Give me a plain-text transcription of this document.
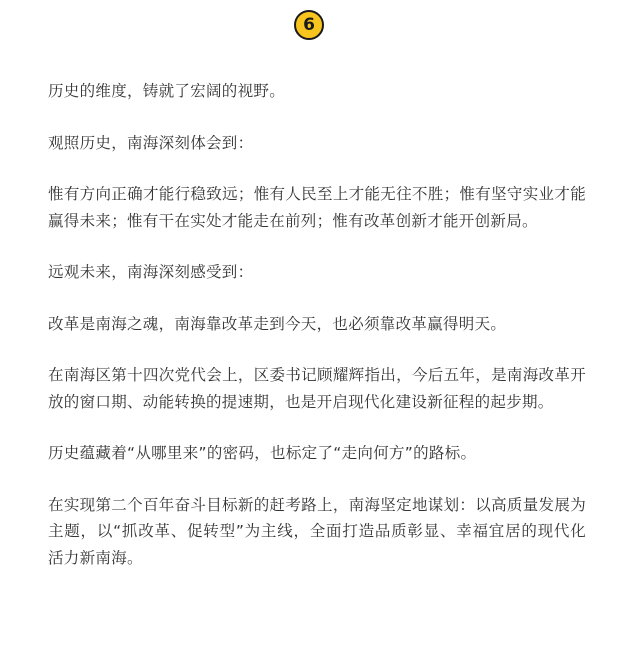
6

历史的维度，铸就了宏阔的视野。

观照历史，南海深刻体会到：

惟有方向正确才能行稳致远；惟有人民至上才能无往不胜；惟有坚守实业才能赢得未来；惟有干在实处才能走在前列；惟有改革创新才能开创新局。

远观未来，南海深刻感受到：

改革是南海之魂，南海靠改革走到今天，也必须靠改革赢得明天。

在南海区第十四次党代会上，区委书记顾耀辉指出，今后五年，是南海改革开放的窗口期、动能转换的提速期，也是开启现代化建设新征程的起步期。

历史蕴藏着“从哪里来”的密码，也标定了“走向何方”的路标。

在实现第二个百年奋斗目标新的赶考路上，南海坚定地谋划：以高质量发展为主题，以“抓改革、促转型”为主线，全面打造品质彰显、幸福宜居的现代化活力新南海。
